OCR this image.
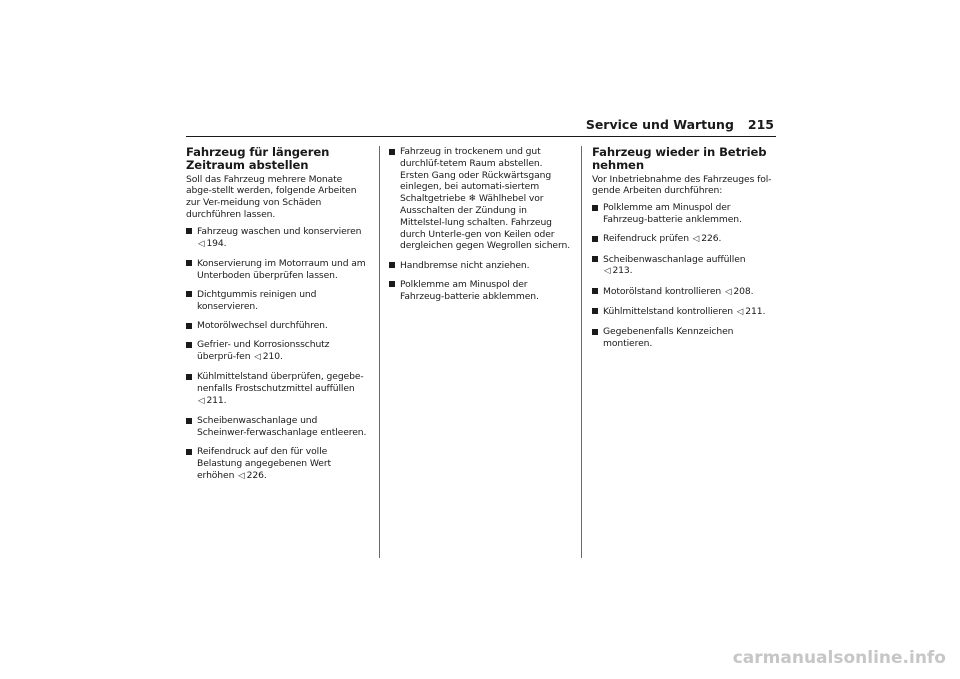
Service und Wartung 215
Fahrzeug für längeren Zeitraum abstellen

Soll das Fahrzeug mehrere Monate abge-stellt werden, folgende Arbeiten zur Ver-meidung von Schäden durchführen lassen.

Fahrzeug waschen und konservieren ◁ 194.
Konservierung im Motorraum und am Unterboden überprüfen lassen.
Dichtgummis reinigen und konservieren.
Motorölwechsel durchführen.
Gefrier- und Korrosionsschutz überprü-fen ◁ 210.
Kühlmittelstand überprüfen, gegebe-nenfalls Frostschutzmittel auffüllen ◁ 211.
Scheibenwaschanlage und Scheinwer-ferwaschanlage entleeren.
Reifendruck auf den für volle Belastung angegebenen Wert erhöhen ◁ 226.
Fahrzeug in trockenem und gut durchlüf-tetem Raum abstellen. Ersten Gang oder Rückwärtsgang einlegen, bei automati-siertem Schaltgetriebe ❄ Wählhebel vor Ausschalten der Zündung in Mittelstel-lung schalten. Fahrzeug durch Unterle-gen von Keilen oder dergleichen gegen Wegrollen sichern.
Handbremse nicht anziehen.
Polklemme am Minuspol der Fahrzeug-batterie abklemmen.
Fahrzeug wieder in Betrieb nehmen

Vor Inbetriebnahme des Fahrzeuges fol-gende Arbeiten durchführen:

Polklemme am Minuspol der Fahrzeug-batterie anklemmen.
Reifendruck prüfen ◁ 226.
Scheibenwaschanlage auffüllen ◁ 213.
Motorölstand kontrollieren ◁ 208.
Kühlmittelstand kontrollieren ◁ 211.
Gegebenenfalls Kennzeichen montieren.
carmanualsonline.info
